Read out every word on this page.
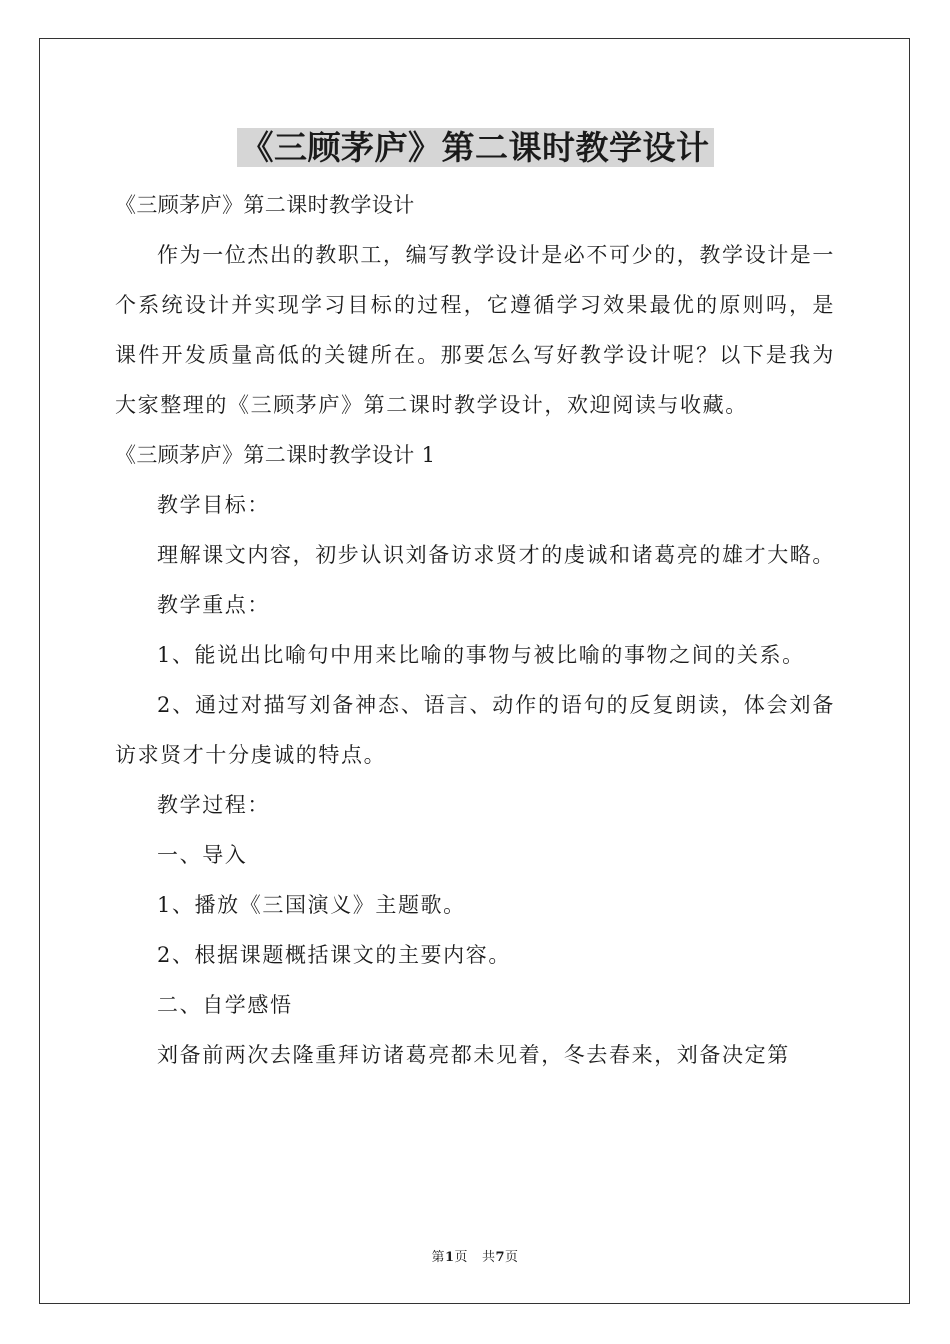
《三顾茅庐》第二课时教学设计

《三顾茅庐》第二课时教学设计

作为一位杰出的教职工，编写教学设计是必不可少的，教学设计是一个系统设计并实现学习目标的过程，它遵循学习效果最优的原则吗，是课件开发质量高低的关键所在。那要怎么写好教学设计呢？以下是我为大家整理的《三顾茅庐》第二课时教学设计，欢迎阅读与收藏。

《三顾茅庐》第二课时教学设计 1

教学目标：

理解课文内容，初步认识刘备访求贤才的虔诚和诸葛亮的雄才大略。

教学重点：

1、能说出比喻句中用来比喻的事物与被比喻的事物之间的关系。

2、通过对描写刘备神态、语言、动作的语句的反复朗读，体会刘备访求贤才十分虔诚的特点。

教学过程：

一、导入

1、播放《三国演义》主题歌。

2、根据课题概括课文的主要内容。

二、自学感悟

刘备前两次去隆重拜访诸葛亮都未见着，冬去春来，刘备决定第

第1页 共7页
